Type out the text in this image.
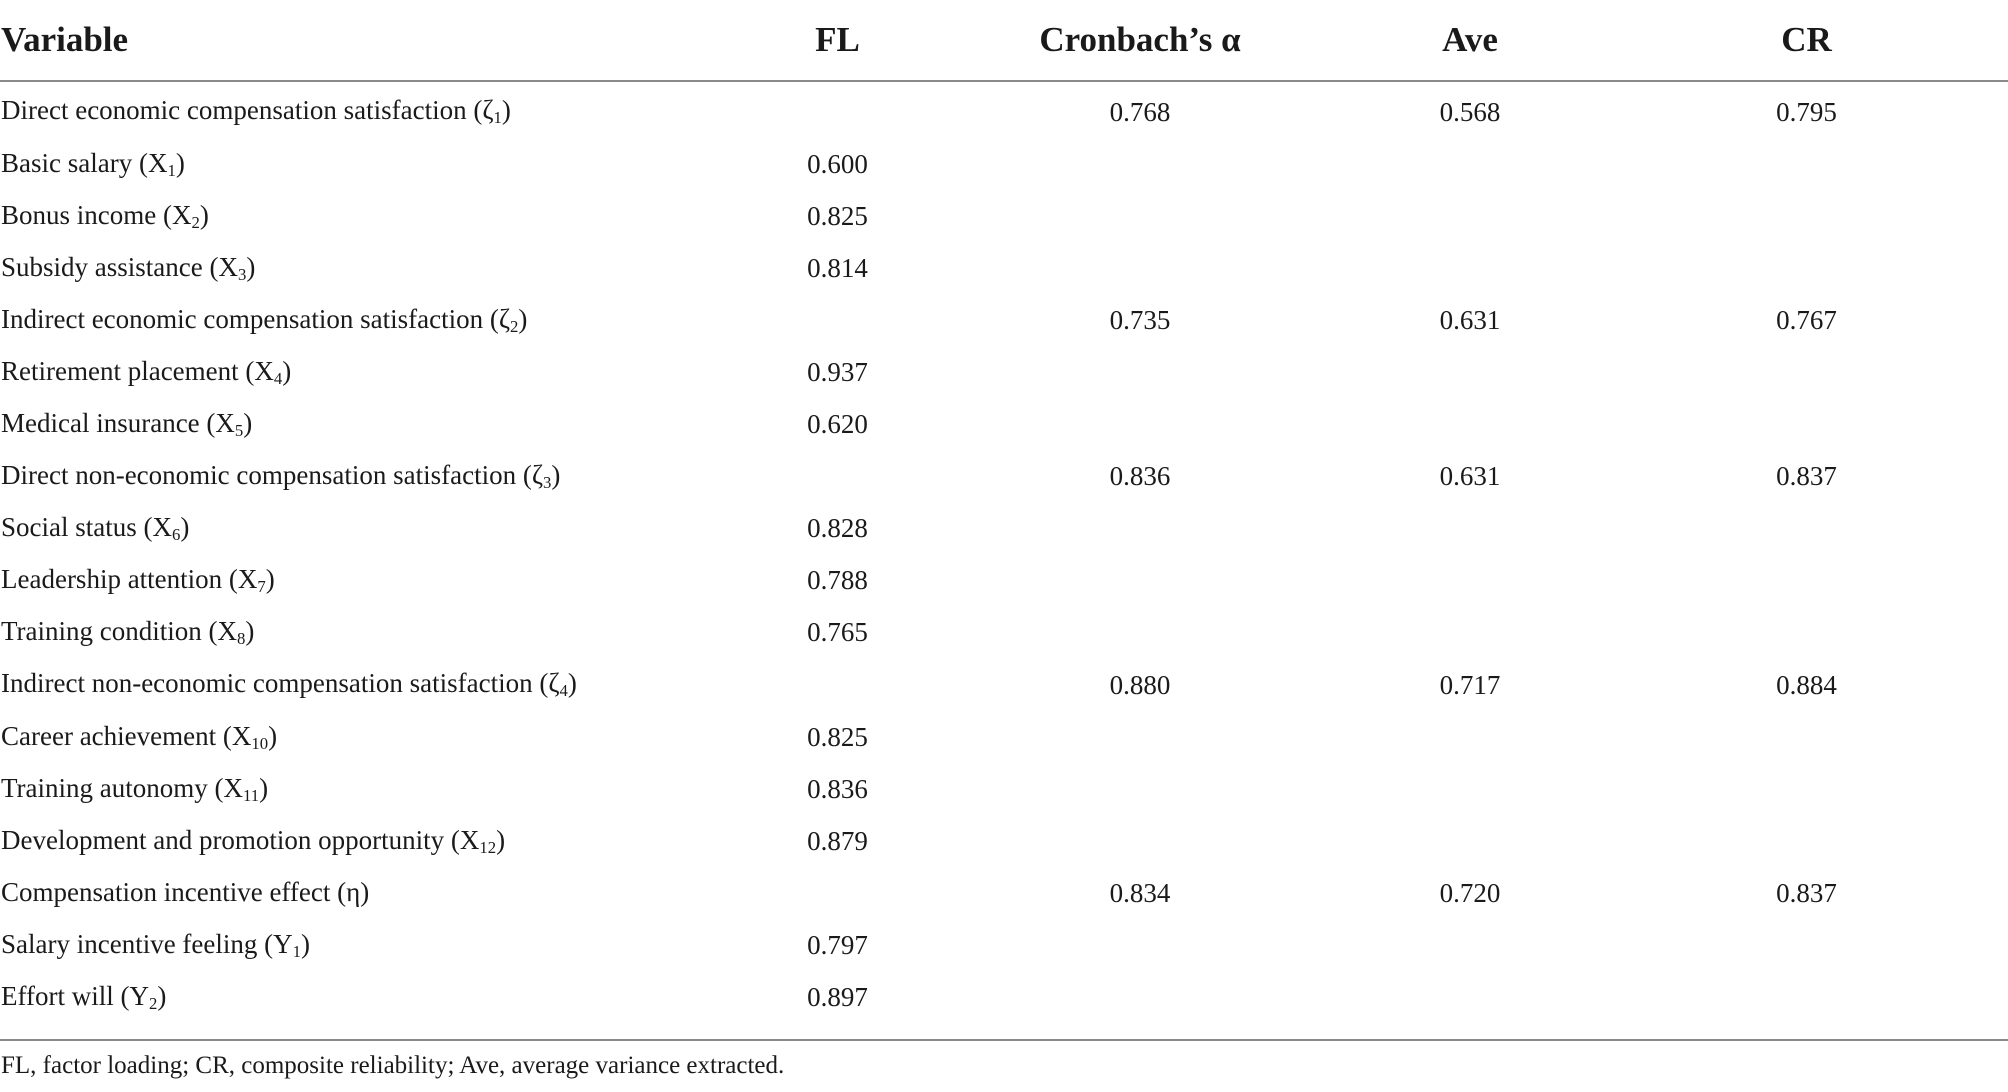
Variable	FL	Cronbach’s α	Ave	CR
Direct economic compensation satisfaction $(\zeta_1)$		0.768	0.568	0.795
Basic salary $(X_1)$	0.600			
Bonus income $(X_2)$	0.825			
Subsidy assistance $(X_3)$	0.814			
Indirect economic compensation satisfaction $(\zeta_2)$		0.735	0.631	0.767
Retirement placement $(X_4)$	0.937			
Medical insurance $(X_5)$	0.620			
Direct non-economic compensation satisfaction $(\zeta_3)$		0.836	0.631	0.837
Social status $(X_6)$	0.828			
Leadership attention $(X_7)$	0.788			
Training condition $(X_8)$	0.765			
Indirect non-economic compensation satisfaction $(\zeta_4)$		0.880	0.717	0.884
Career achievement $(X_{10})$	0.825			
Training autonomy $(X_{11})$	0.836			
Development and promotion opportunity $(X_{12})$	0.879			
Compensation incentive effect (η)		0.834	0.720	0.837
Salary incentive feeling $(Y_1)$	0.797			
Effort will $(Y_2)$	0.897			
FL, factor loading; CR, composite reliability; Ave, average variance extracted.
